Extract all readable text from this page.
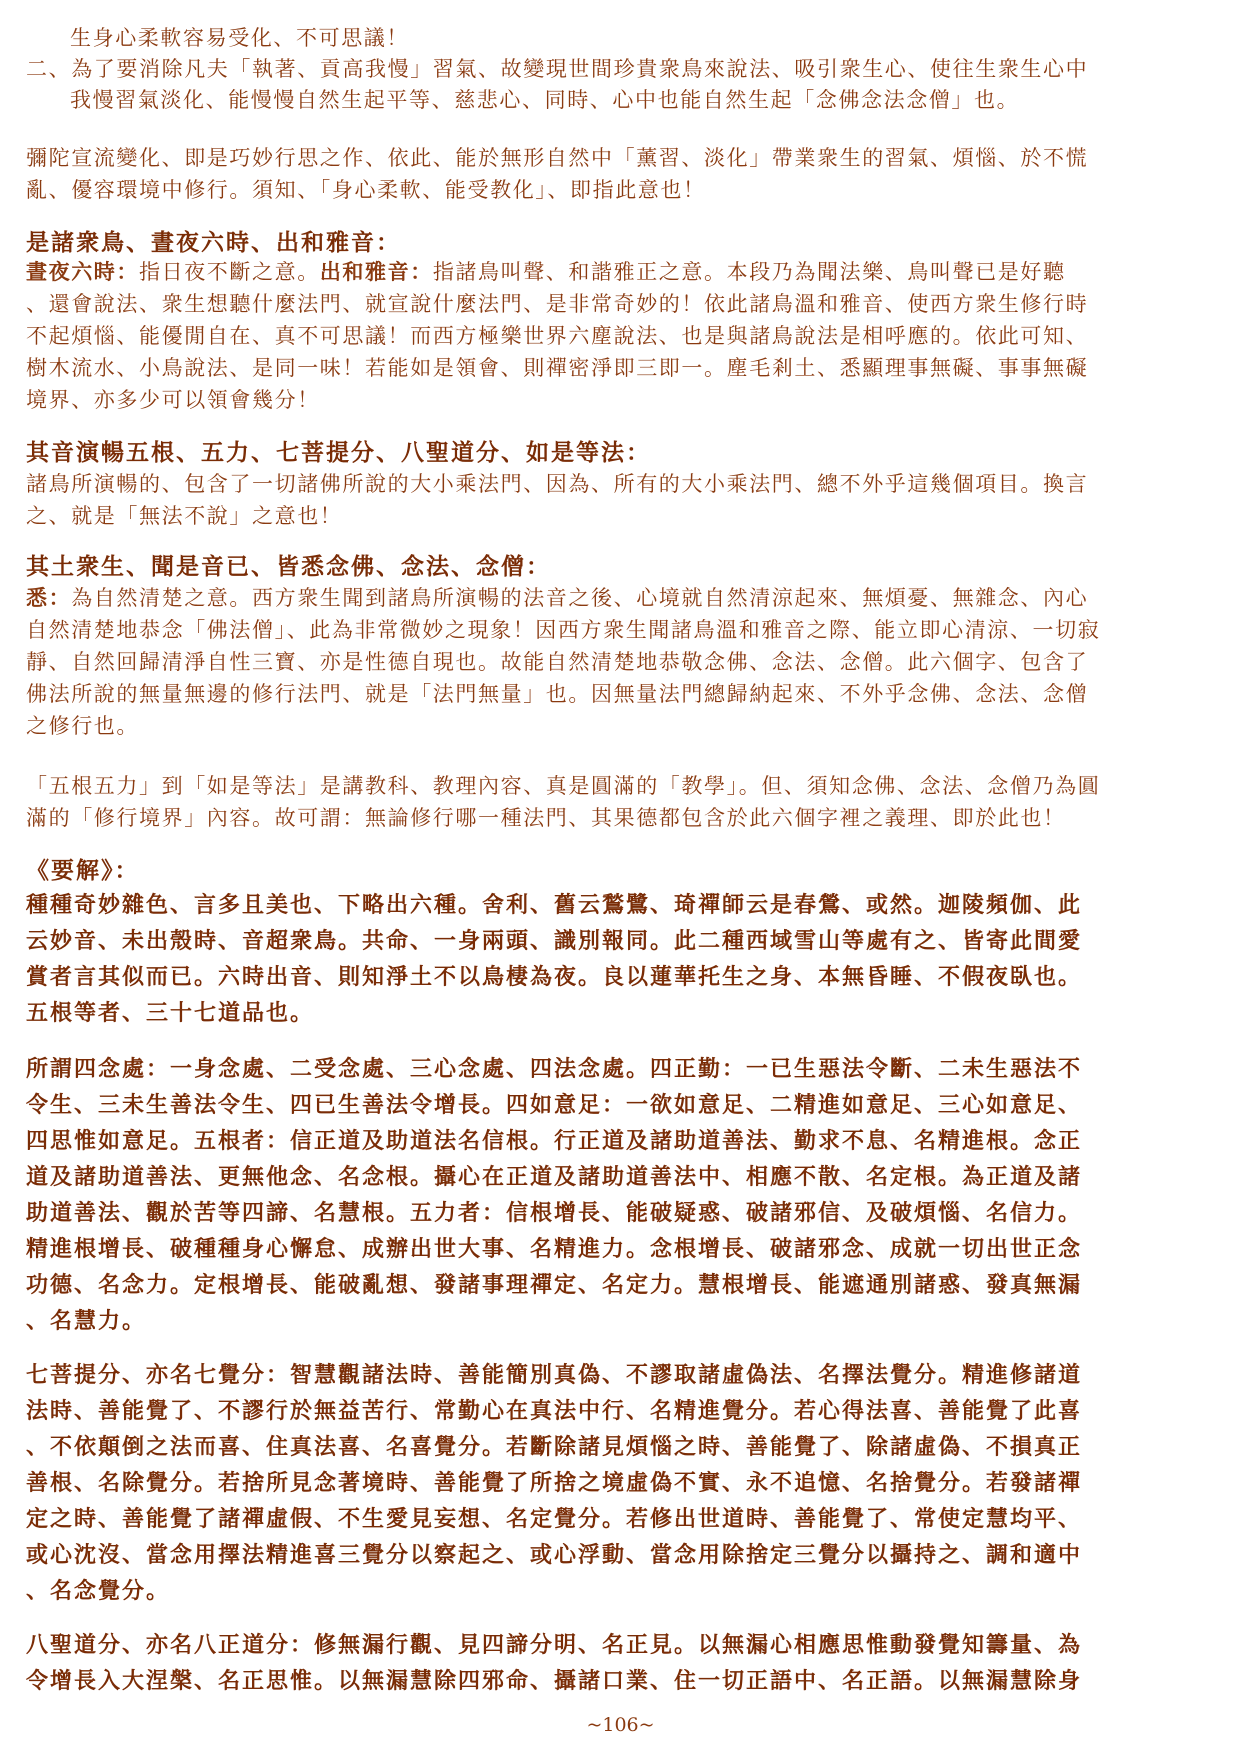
生身心柔軟容易受化、不可思議！
二、為了要消除凡夫「執著、貢高我慢」習氣、故變現世間珍貴衆鳥來說法、吸引衆生心、使往生衆生心中
我慢習氣淡化、能慢慢自然生起平等、慈悲心、同時、心中也能自然生起「念佛念法念僧」也。
彌陀宣流變化、即是巧妙行思之作、依此、能於無形自然中「薰習、淡化」帶業衆生的習氣、煩惱、於不慌
亂、優容環境中修行。須知、「身心柔軟、能受教化」、即指此意也！
是諸衆鳥、晝夜六時、出和雅音：
晝夜六時：指日夜不斷之意。出和雅音：指諸鳥叫聲、和諧雅正之意。本段乃為聞法樂、鳥叫聲已是好聽
、還會說法、衆生想聽什麼法門、就宣說什麼法門、是非常奇妙的！依此諸鳥溫和雅音、使西方衆生修行時
不起煩惱、能優閒自在、真不可思議！而西方極樂世界六塵說法、也是與諸鳥說法是相呼應的。依此可知、
樹木流水、小鳥說法、是同一味！若能如是領會、則禪密淨即三即一。塵毛剎土、悉顯理事無礙、事事無礙
境界、亦多少可以領會幾分！
其音演暢五根、五力、七菩提分、八聖道分、如是等法：
諸鳥所演暢的、包含了一切諸佛所說的大小乘法門、因為、所有的大小乘法門、總不外乎這幾個項目。換言
之、就是「無法不說」之意也！
其土衆生、聞是音已、皆悉念佛、念法、念僧：
悉：為自然清楚之意。西方衆生聞到諸鳥所演暢的法音之後、心境就自然清涼起來、無煩憂、無雜念、內心
自然清楚地恭念「佛法僧」、此為非常微妙之現象！因西方衆生聞諸鳥溫和雅音之際、能立即心清涼、一切寂
靜、自然回歸清淨自性三寶、亦是性德自現也。故能自然清楚地恭敬念佛、念法、念僧。此六個字、包含了
佛法所說的無量無邊的修行法門、就是「法門無量」也。因無量法門總歸納起來、不外乎念佛、念法、念僧
之修行也。
「五根五力」到「如是等法」是講教科、教理內容、真是圓滿的「教學」。但、須知念佛、念法、念僧乃為圓
滿的「修行境界」內容。故可謂：無論修行哪一種法門、其果德都包含於此六個字裡之義理、即於此也！
《要解》：
種種奇妙雜色、言多且美也、下略出六種。舍利、舊云鶖鷺、琦禪師云是春鶯、或然。迦陵頻伽、此
云妙音、未出殼時、音超衆鳥。共命、一身兩頭、識別報同。此二種西域雪山等處有之、皆寄此間愛
賞者言其似而已。六時出音、則知淨土不以鳥棲為夜。良以蓮華托生之身、本無昏睡、不假夜臥也。
五根等者、三十七道品也。
所謂四念處：一身念處、二受念處、三心念處、四法念處。四正勤：一已生惡法令斷、二未生惡法不
令生、三未生善法令生、四已生善法令增長。四如意足：一欲如意足、二精進如意足、三心如意足、
四思惟如意足。五根者：信正道及助道法名信根。行正道及諸助道善法、勤求不息、名精進根。念正
道及諸助道善法、更無他念、名念根。攝心在正道及諸助道善法中、相應不散、名定根。為正道及諸
助道善法、觀於苦等四諦、名慧根。五力者：信根增長、能破疑惑、破諸邪信、及破煩惱、名信力。
精進根增長、破種種身心懈怠、成辦出世大事、名精進力。念根增長、破諸邪念、成就一切出世正念
功德、名念力。定根增長、能破亂想、發諸事理禪定、名定力。慧根增長、能遮通別諸惑、發真無漏
、名慧力。
七菩提分、亦名七覺分：智慧觀諸法時、善能簡別真偽、不謬取諸虛偽法、名擇法覺分。精進修諸道
法時、善能覺了、不謬行於無益苦行、常勤心在真法中行、名精進覺分。若心得法喜、善能覺了此喜
、不依顛倒之法而喜、住真法喜、名喜覺分。若斷除諸見煩惱之時、善能覺了、除諸虛偽、不損真正
善根、名除覺分。若捨所見念著境時、善能覺了所捨之境虛偽不實、永不追憶、名捨覺分。若發諸禪
定之時、善能覺了諸禪虛假、不生愛見妄想、名定覺分。若修出世道時、善能覺了、常使定慧均平、
或心沈沒、當念用擇法精進喜三覺分以察起之、或心浮動、當念用除捨定三覺分以攝持之、調和適中
、名念覺分。
八聖道分、亦名八正道分：修無漏行觀、見四諦分明、名正見。以無漏心相應思惟動發覺知籌量、為
令增長入大涅槃、名正思惟。以無漏慧除四邪命、攝諸口業、住一切正語中、名正語。以無漏慧除身
~106~
